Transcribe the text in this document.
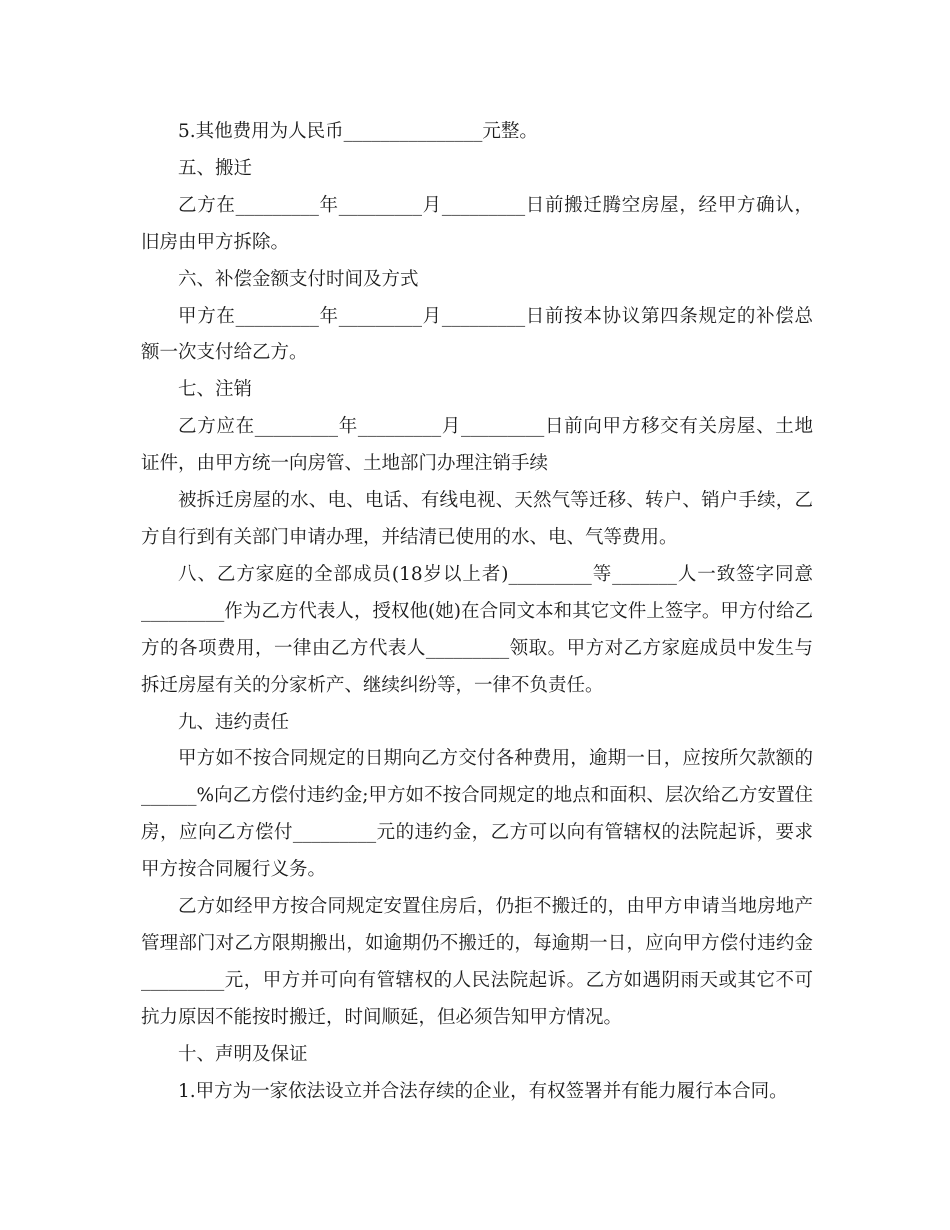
5.其他费用为人民币_______________元整。

五、搬迁

乙方在_________年_________月_________日前搬迁腾空房屋，经甲方确认，旧房由甲方拆除。

六、补偿金额支付时间及方式

甲方在_________年_________月_________日前按本协议第四条规定的补偿总额一次支付给乙方。

七、注销

乙方应在_________年_________月_________日前向甲方移交有关房屋、土地证件，由甲方统一向房管、土地部门办理注销手续

被拆迁房屋的水、电、电话、有线电视、天然气等迁移、转户、销户手续，乙方自行到有关部门申请办理，并结清已使用的水、电、气等费用。

八、乙方家庭的全部成员(18岁以上者)_________等_______人一致签字同意_________作为乙方代表人，授权他(她)在合同文本和其它文件上签字。甲方付给乙方的各项费用，一律由乙方代表人_________领取。甲方对乙方家庭成员中发生与拆迁房屋有关的分家析产、继续纠纷等，一律不负责任。

九、违约责任

甲方如不按合同规定的日期向乙方交付各种费用，逾期一日，应按所欠款额的______%向乙方偿付违约金;甲方如不按合同规定的地点和面积、层次给乙方安置住房，应向乙方偿付_________元的违约金，乙方可以向有管辖权的法院起诉，要求甲方按合同履行义务。

乙方如经甲方按合同规定安置住房后，仍拒不搬迁的，由甲方申请当地房地产管理部门对乙方限期搬出，如逾期仍不搬迁的，每逾期一日，应向甲方偿付违约金_________元，甲方并可向有管辖权的人民法院起诉。乙方如遇阴雨天或其它不可抗力原因不能按时搬迁，时间顺延，但必须告知甲方情况。

十、声明及保证

1.甲方为一家依法设立并合法存续的企业，有权签署并有能力履行本合同。
